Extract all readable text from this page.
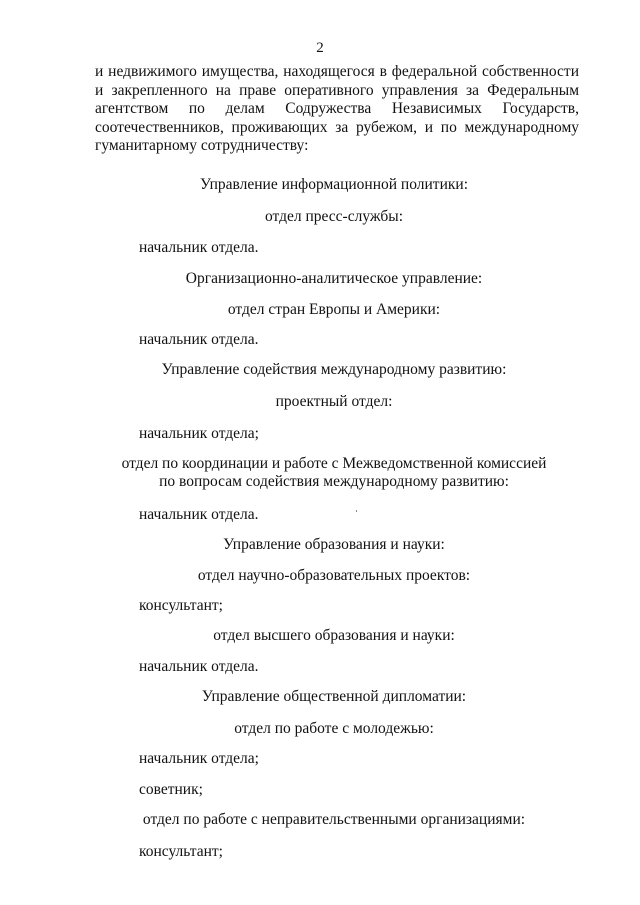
2
и недвижимого имущества, находящегося в федеральной собственности и закрепленного на праве оперативного управления за Федеральным агентством по делам Содружества Независимых Государств, соотечественников, проживающих за рубежом, и по международному гуманитарному сотрудничеству:
Управление информационной политики:
отдел пресс-службы:
начальник отдела.
Организационно-аналитическое управление:
отдел стран Европы и Америки:
начальник отдела.
Управление содействия международному развитию:
проектный отдел:
начальник отдела;
отдел по координации и работе с Межведомственной комиссией
по вопросам содействия международному развитию:
начальник отдела.
Управление образования и науки:
отдел научно-образовательных проектов:
консультант;
отдел высшего образования и науки:
начальник отдела.
Управление общественной дипломатии:
отдел по работе с молодежью:
начальник отдела;
советник;
отдел по работе с неправительственными организациями:
консультант;
